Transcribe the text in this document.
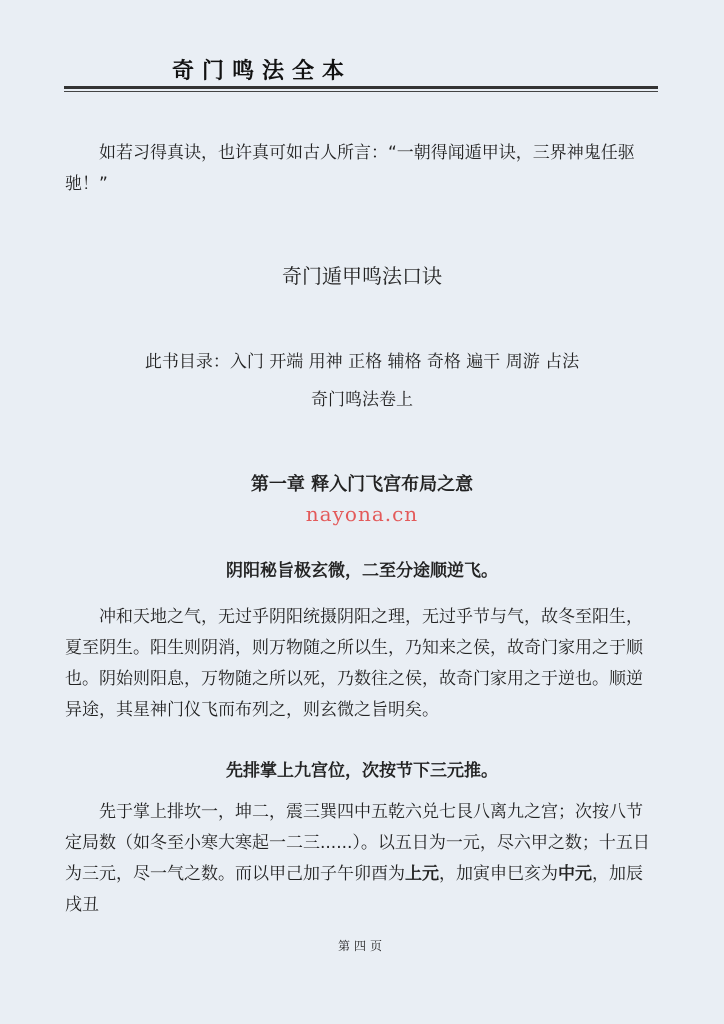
奇门鸣法全本

如若习得真诀，也许真可如古人所言：“一朝得闻遁甲诀，三界神鬼任驱驰！”

奇门遁甲鸣法口诀

此书目录：入门 开端 用神 正格 辅格 奇格 遍干 周游 占法

奇门鸣法卷上

第一章 释入门飞宫布局之意

nayona.cn

阴阳秘旨极玄微，二至分途顺逆飞。

冲和天地之气，无过乎阴阳统摄阴阳之理，无过乎节与气，故冬至阳生，夏至阴生。阳生则阴消，则万物随之所以生，乃知来之侯，故奇门家用之于顺也。阴始则阳息，万物随之所以死，乃数往之侯，故奇门家用之于逆也。顺逆异途，其星神门仪飞而布列之，则玄微之旨明矣。

先排掌上九宫位，次按节下三元推。

先于掌上排坎一，坤二，震三巽四中五乾六兑七艮八离九之宫；次按八节定局数（如冬至小寒大寒起一二三......）。以五日为一元，尽六甲之数；十五日为三元，尽一气之数。而以甲己加子午卯酉为上元，加寅申巳亥为中元，加辰戌丑

第四页
